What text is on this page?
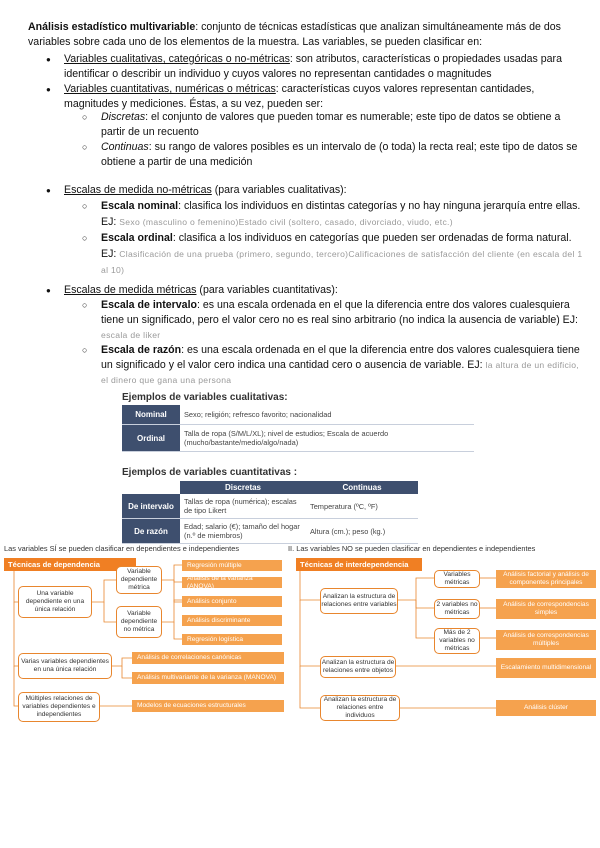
Análisis estadístico multivariable: conjunto de técnicas estadísticas que analizan simultáneamente más de dos variables sobre cada uno de los elementos de la muestra. Las variables, se pueden clasificar en:
● Variables cualitativas, categóricas o no-métricas: son atributos, características o propiedades usadas para identificar o describir un individuo y cuyos valores no representan cantidades o magnitudes
● Variables cuantitativas, numéricas o métricas: características cuyos valores representan cantidades, magnitudes y mediciones. Éstas, a su vez, pueden ser:
○ Discretas: el conjunto de valores que pueden tomar es numerable; este tipo de datos se obtiene a partir de un recuento
○ Continuas: su rango de valores posibles es un intervalo de (o toda) la recta real; este tipo de datos se obtiene a partir de una medición
● Escalas de medida no-métricas (para variables cualitativas):
○ Escala nominal: clasifica los individuos en distintas categorías y no hay ninguna jerarquía entre ellas. EJ: Sexo (masculino o femenino)Estado civil (soltero, casado, divorciado, viudo, etc.)
○ Escala ordinal: clasifica a los individuos en categorías que pueden ser ordenadas de forma natural. EJ: Clasificación de una prueba (primero, segundo, tercero)Calificaciones de satisfacción del cliente (en escala del 1 al 10)
● Escalas de medida métricas (para variables cuantitativas):
○ Escala de intervalo: es una escala ordenada en el que la diferencia entre dos valores cualesquiera tiene un significado, pero el valor cero no es real sino arbitrario (no indica la ausencia de variable) EJ: escala de liker
○ Escala de razón: es una escala ordenada en el que la diferencia entre dos valores cualesquiera tiene un significado y el valor cero indica una cantidad cero o ausencia de variable. EJ: la altura de un edificio, el dinero que gana una persona
Ejemplos de variables cualitativas:
Nominal	Sexo; religión; refresco favorito; nacionalidad
Ordinal	Talla de ropa (S/M/L/XL); nivel de estudios; Escala de acuerdo (mucho/bastante/medio/algo/nada)
Ejemplos de variables cuantitativas :
	Discretas	Continuas
De intervalo	Tallas de ropa (numérica); escalas de tipo Likert	Temperatura (ºC, ºF)
De razón	Edad; salario (€); tamaño del hogar (n.º de miembros)	Altura (cm.); peso (kg.)
Las variables SÍ se pueden clasificar en dependientes e independientes
Técnicas de dependencia
Una variable dependiente en una única relación
Variable dependiente métrica
Variable dependiente no métrica
Varias variables dependientes en una única relación
Múltiples relaciones de variables dependientes e independientes
Regresión múltiple
Análisis de la varianza (ANOVA)
Análisis conjunto
Análisis discriminante
Regresión logística
Análisis de correlaciones canónicas
Análisis multivariante de la varianza (MANOVA)
Modelos de ecuaciones estructurales
II. Las variables NO se pueden clasificar en dependientes e independientes
Técnicas de interdependencia
Analizan la estructura de relaciones entre variables
Variables métricas
2 variables no métricas
Más de 2 variables no métricas
Analizan la estructura de relaciones entre objetos
Analizan la estructura de relaciones entre individuos
Análisis factorial y análisis de componentes principales
Análisis de correspondencias simples
Análisis de correspondencias múltiples
Escalamiento multidimensional
Análisis clúster
